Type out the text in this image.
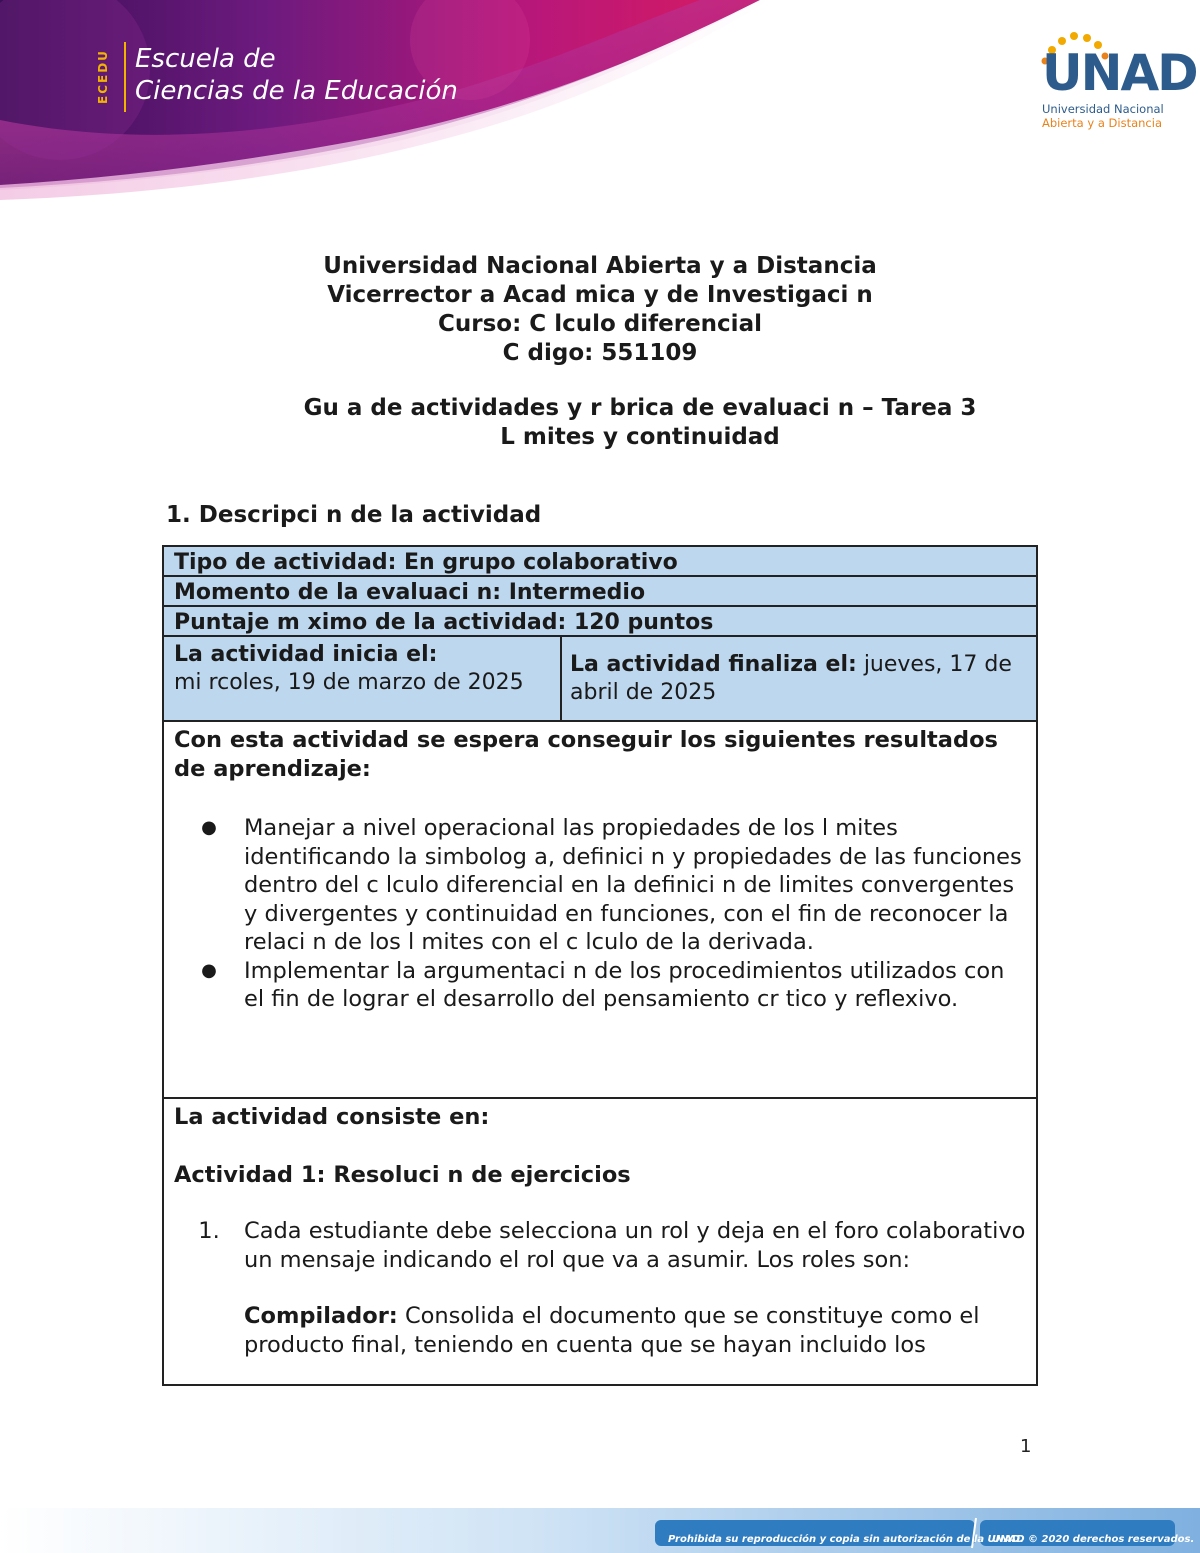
ECEDU Escuela de
Ciencias de la Educación	UNAD
Universidad Nacional
Abierta y a Distancia
Universidad Nacional Abierta y a Distancia
Vicerrector a Acad mica y de Investigaci n
Curso: C lculo diferencial
C digo: 551109
Gu a de actividades y r brica de evaluaci n – Tarea 3
L mites y continuidad
1. Descripci n de la actividad
Tipo de actividad: En grupo colaborativo
Momento de la evaluaci n: Intermedio
Puntaje m ximo de la actividad: 120 puntos
La actividad inicia el:
mi rcoles, 19 de marzo de 2025
La actividad finaliza el: jueves, 17 de abril de 2025
Con esta actividad se espera conseguir los siguientes resultados de aprendizaje:
●	Manejar a nivel operacional las propiedades de los l mites identificando la simbolog a, definici n y propiedades de las funciones dentro del c lculo diferencial en la definici n de limites convergentes y divergentes y continuidad en funciones, con el fin de reconocer la relaci n de los l mites con el c lculo de la derivada.
●	Implementar la argumentaci n de los procedimientos utilizados con el fin de lograr el desarrollo del pensamiento cr tico y reflexivo.
La actividad consiste en:
Actividad 1: Resoluci n de ejercicios
1.	Cada estudiante debe selecciona un rol y deja en el foro colaborativo un mensaje indicando el rol que va a asumir. Los roles son:
Compilador: Consolida el documento que se constituye como el producto final, teniendo en cuenta que se hayan incluido los
1
Prohibida su reproducción y copia sin autorización de la UNAD.
UNAD © 2020 derechos reservados.
